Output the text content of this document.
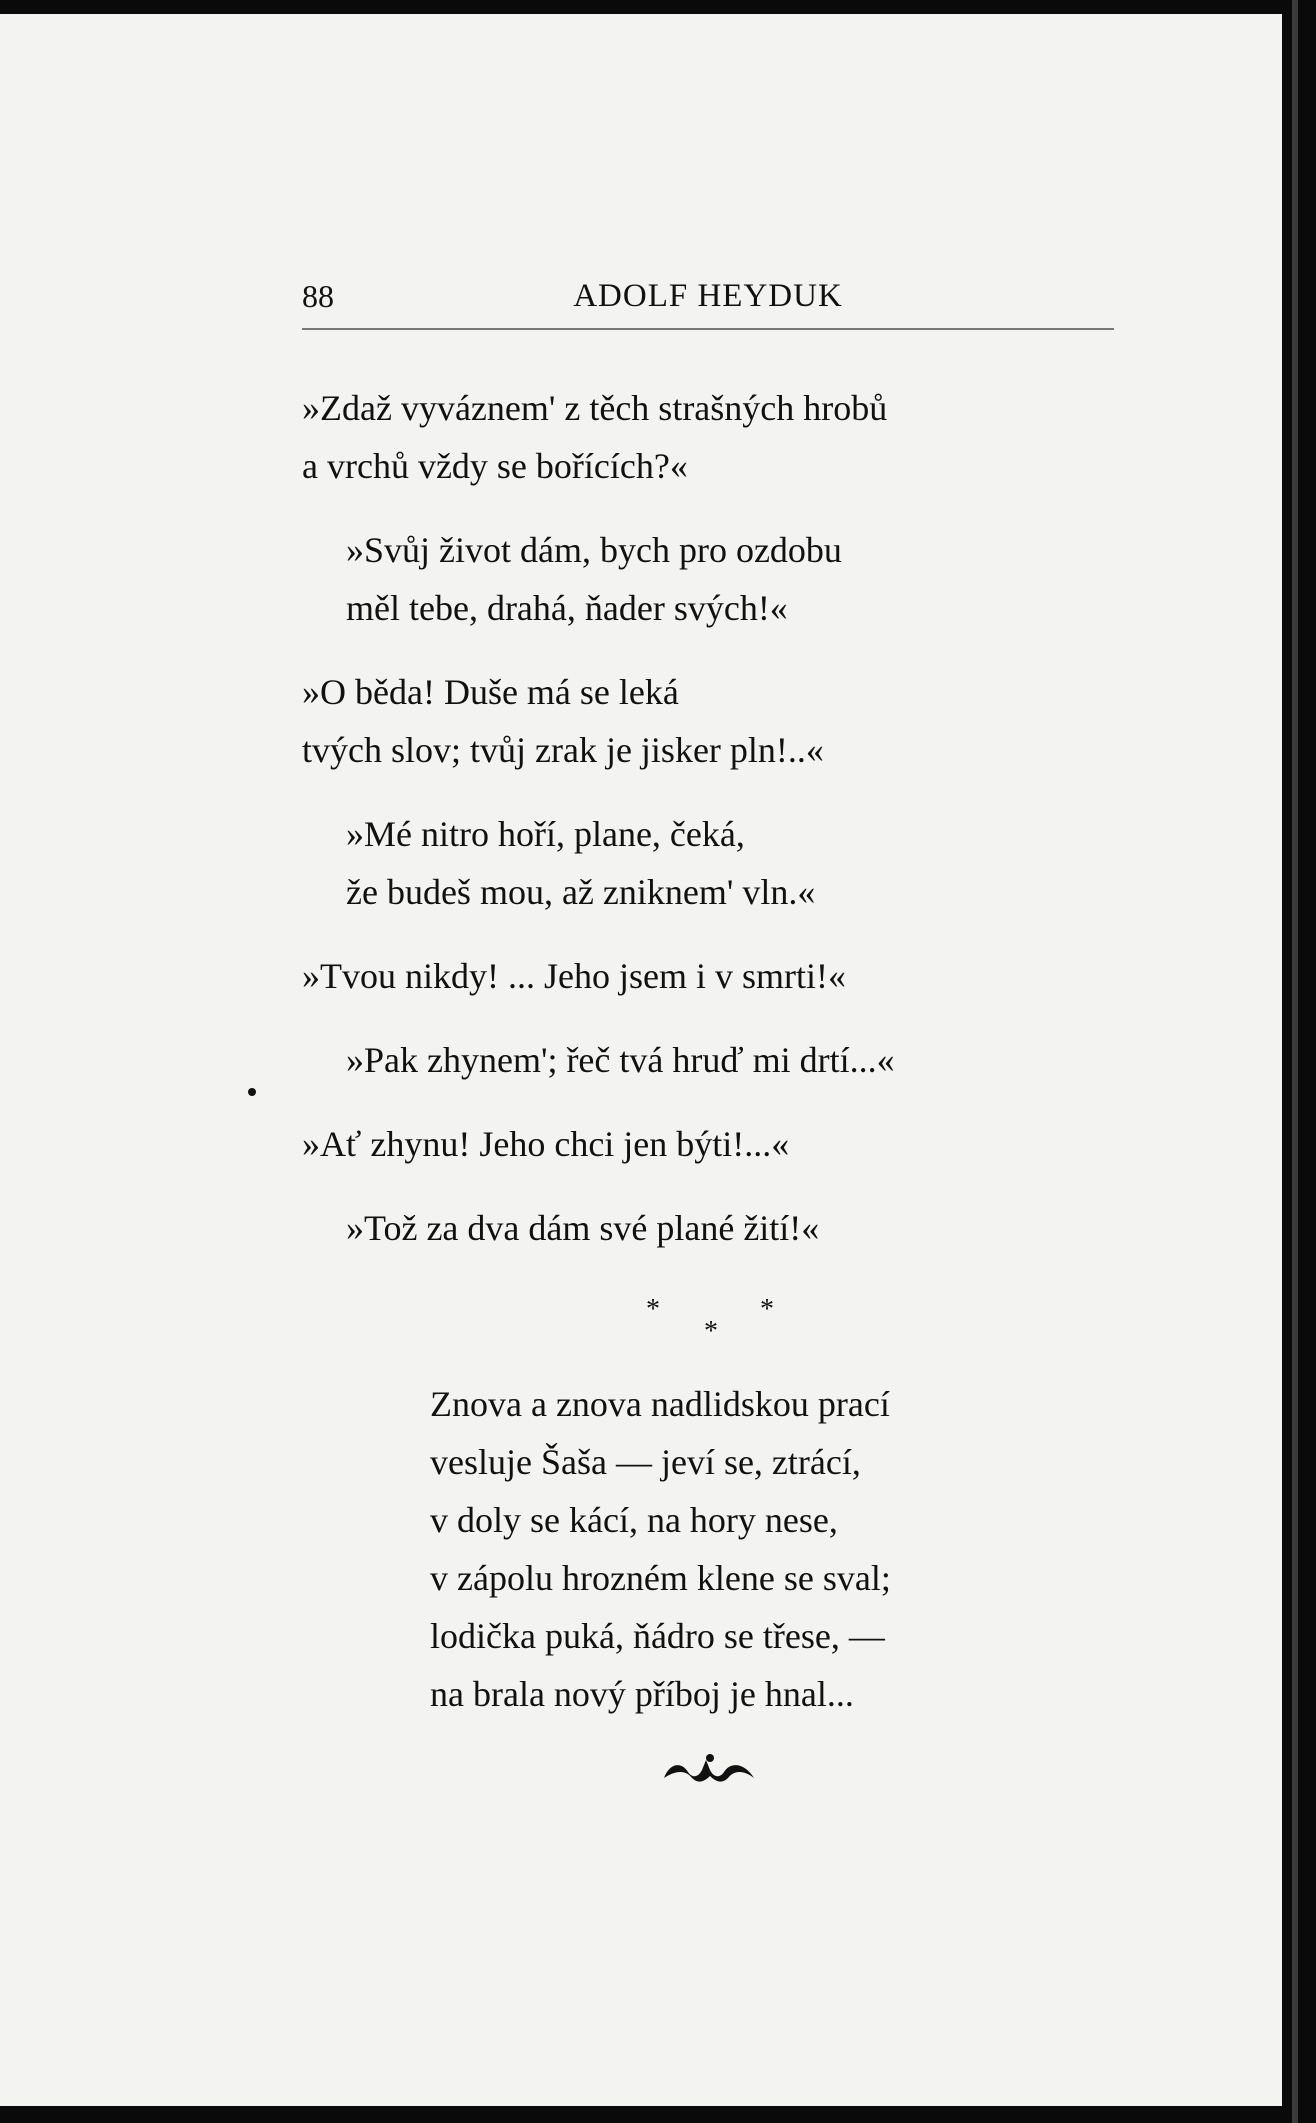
88	ADOLF HEYDUK
»Zdaž vyváznem' z těch strašných hrobů
a vrchů vždy se bořících?«
»Svůj život dám, bych pro ozdobu
měl tebe, drahá, ňader svých!«
»O běda! Duše má se leká
tvých slov; tvůj zrak je jisker pln!..«
»Mé nitro hoří, plane, čeká,
že budeš mou, až zniknem' vln.«
»Tvou nikdy! ... Jeho jsem i v smrti!«
»Pak zhynem'; řeč tvá hruď mi drtí...«
»Ať zhynu! Jeho chci jen býti!...«
»Tož za dva dám své plané žití!«
*
*
*
Znova a znova nadlidskou prací
vesluje Šaša — jeví se, ztrácí,
v doly se kácí, na hory nese,
v zápolu hrozném klene se sval;
lodička puká, ňádro se třese, —
na brala nový příboj je hnal...
